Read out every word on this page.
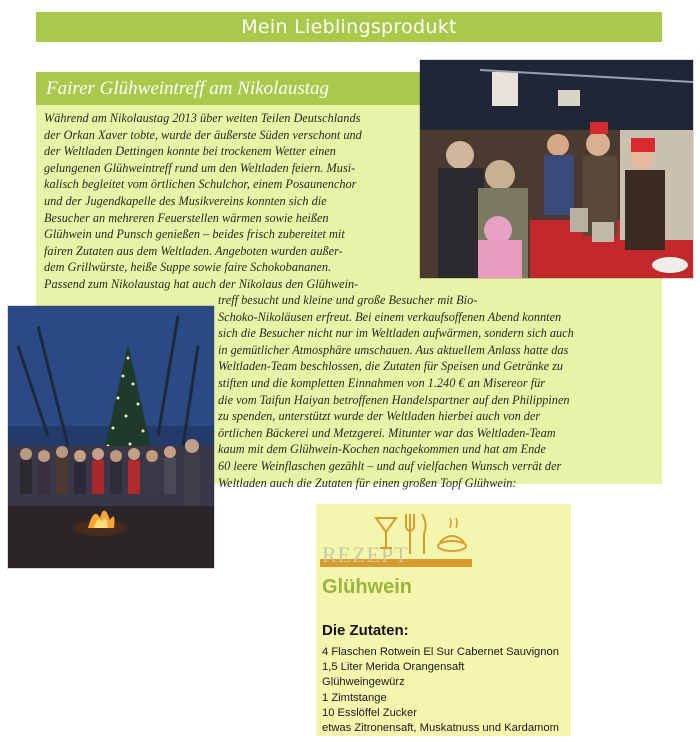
Mein Lieblingsprodukt
Fairer Glühweintreff am Nikolaustag
Während am Nikolaustag 2013 über weiten Teilen Deutschlands
der Orkan Xaver tobte, wurde der äußerste Süden verschont und
der Weltladen Dettingen konnte bei trockenem Wetter einen
gelungenen Glühweintreff rund um den Weltladen feiern. Musi-
kalisch begleitet vom örtlichen Schulchor, einem Posaunenchor
und der Jugendkapelle des Musikvereins konnten sich die
Besucher an mehreren Feuerstellen wärmen sowie heißen
Glühwein und Punsch genießen – beides frisch zubereitet mit
fairen Zutaten aus dem Weltladen. Angeboten wurden außer-
dem Grillwürste, heiße Suppe sowie faire Schokobananen.
Passend zum Nikolaustag hat auch der Nikolaus den Glühwein-
treff besucht und kleine und große Besucher mit Bio-
Schoko-Nikoläusen erfreut. Bei einem verkaufsoffenen Abend konnten
sich die Besucher nicht nur im Weltladen aufwärmen, sondern sich auch
in gemütlicher Atmosphäre umschauen. Aus aktuellem Anlass hatte das
Weltladen-Team beschlossen, die Zutaten für Speisen und Getränke zu
stiften und die kompletten Einnahmen von 1.240 € an Misereor für
die vom Taifun Haiyan betroffenen Handelspartner auf den Philippinen
zu spenden, unterstützt wurde der Weltladen hierbei auch von der
örtlichen Bäckerei und Metzgerei. Mitunter war das Weltladen-Team
kaum mit dem Glühwein-Kochen nachgekommen und hat am Ende
60 leere Weinflaschen gezählt – und auf vielfachen Wunsch verrät der
Weltladen auch die Zutaten für einen großen Topf Glühwein:
REZEPT
Glühwein
Die Zutaten:
4 Flaschen Rotwein El Sur Cabernet Sauvignon
1,5 Liter Merida Orangensaft
Glühweingewürz
1 Zimtstange
10 Esslöffel Zucker
etwas Zitronensaft, Muskatnuss und Kardamom
